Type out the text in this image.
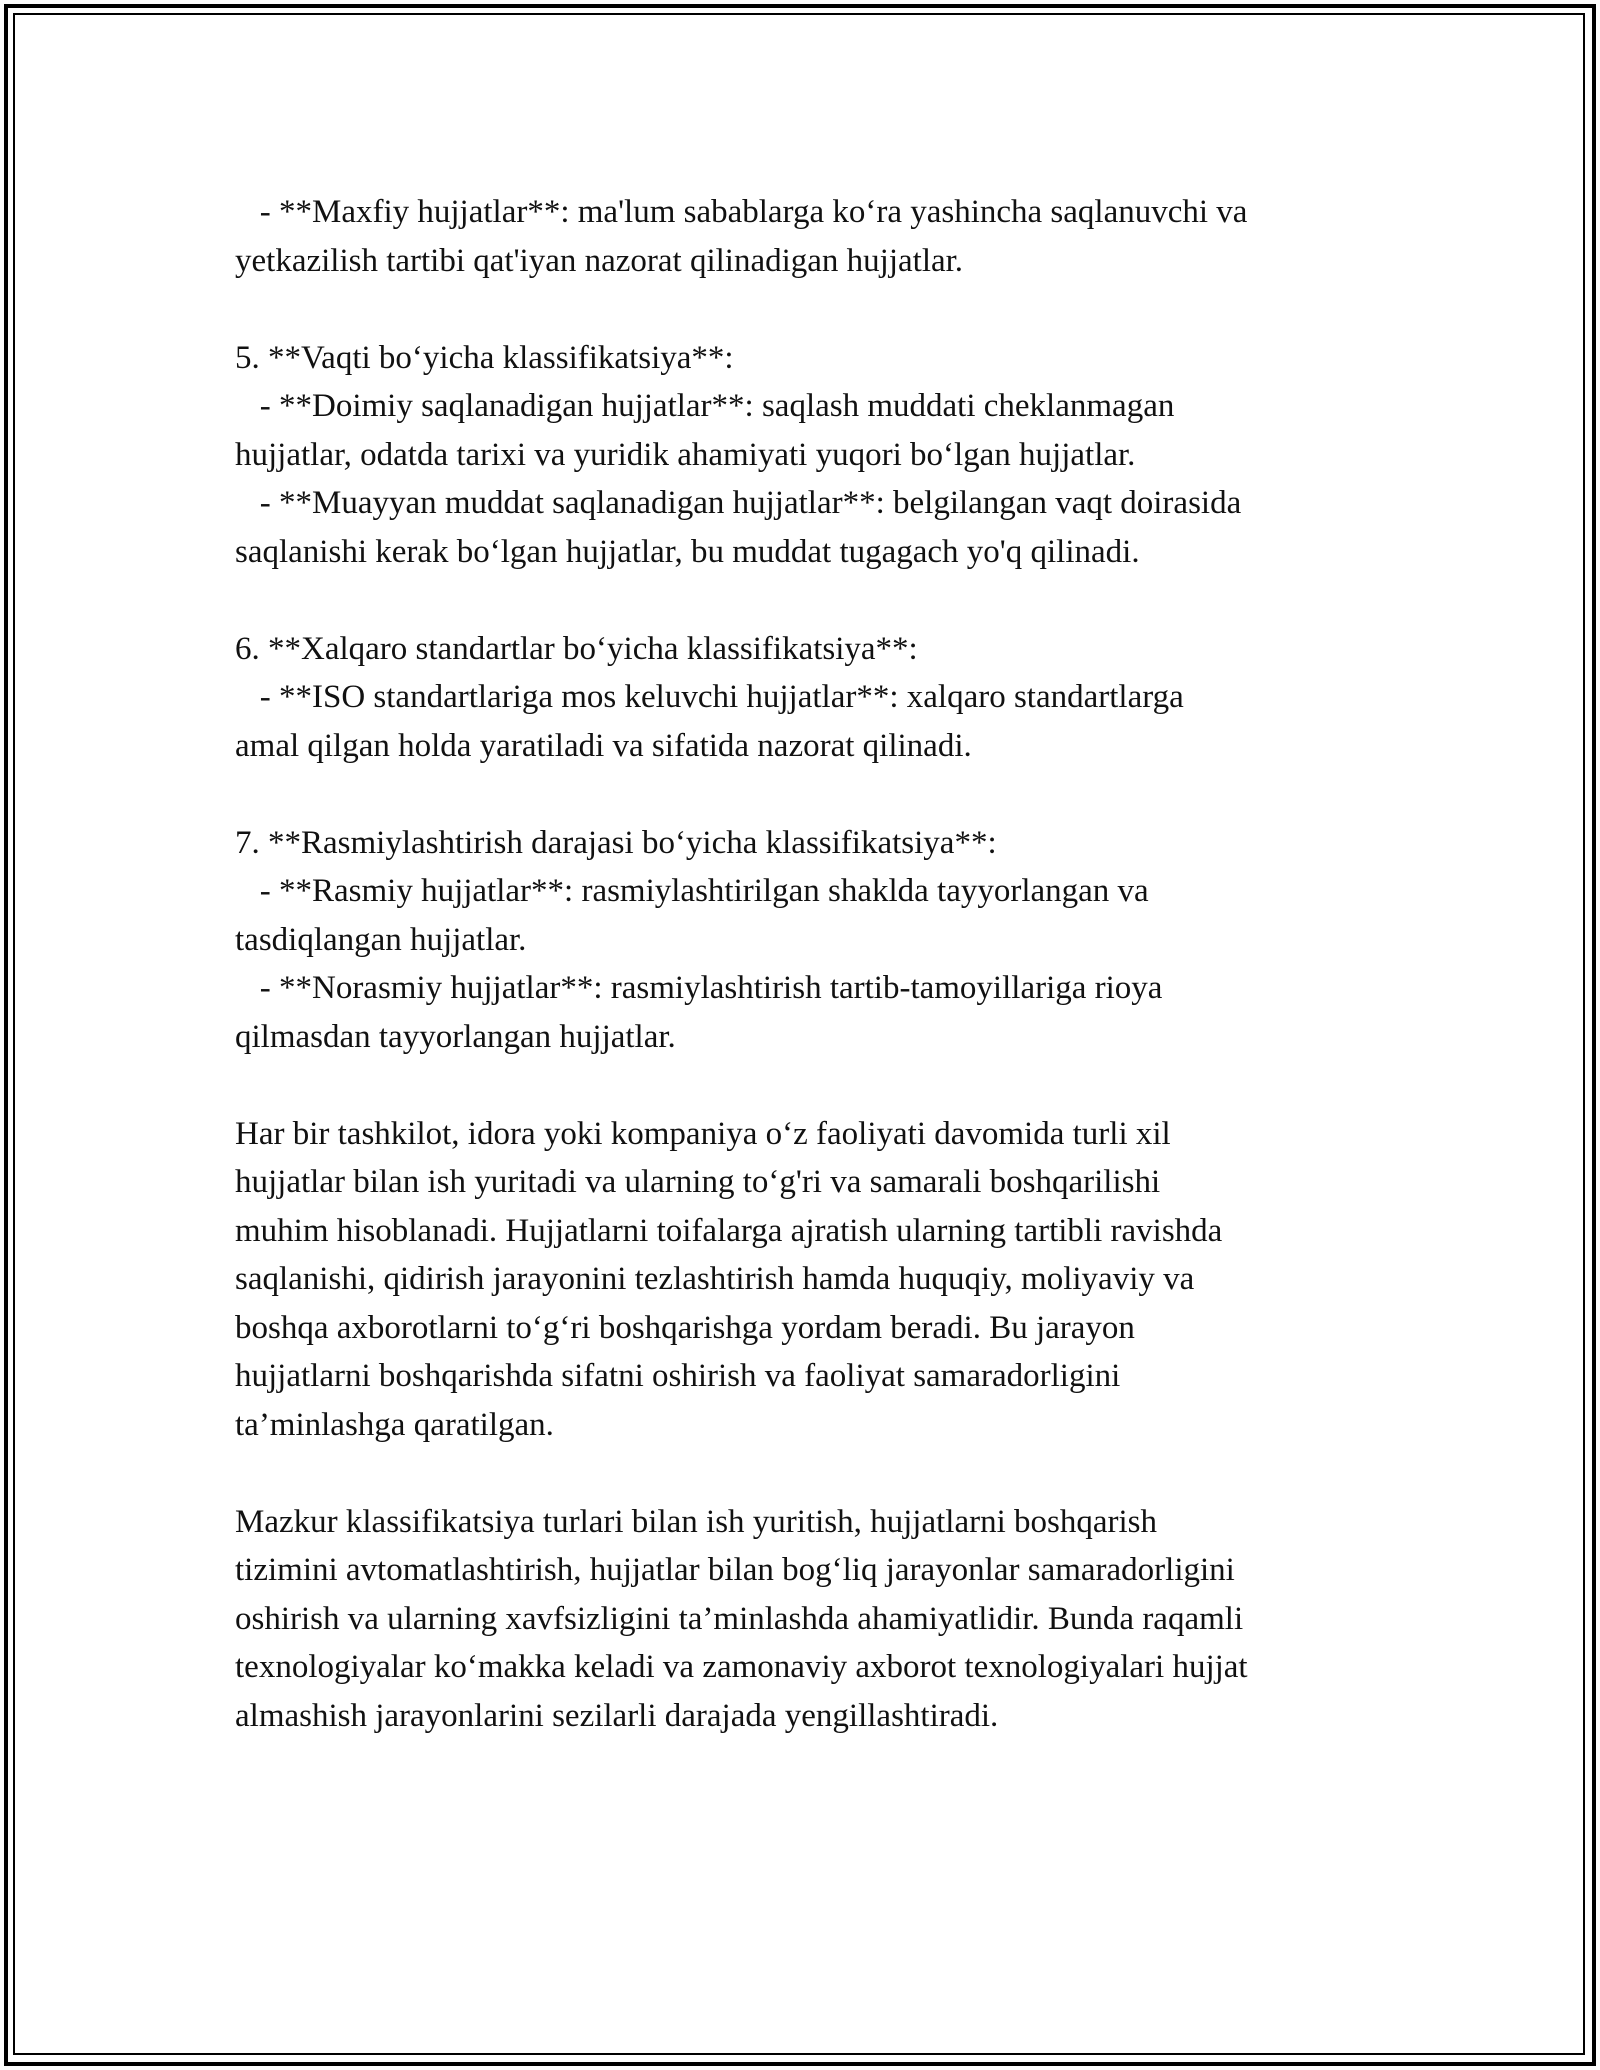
- **Maxfiy hujjatlar**: ma'lum sabablarga ko‘ra yashincha saqlanuvchi va
yetkazilish tartibi qat'iyan nazorat qilinadigan hujjatlar.
5. **Vaqti bo‘yicha klassifikatsiya**:
- **Doimiy saqlanadigan hujjatlar**: saqlash muddati cheklanmagan
hujjatlar, odatda tarixi va yuridik ahamiyati yuqori bo‘lgan hujjatlar.
- **Muayyan muddat saqlanadigan hujjatlar**: belgilangan vaqt doirasida
saqlanishi kerak bo‘lgan hujjatlar, bu muddat tugagach yo'q qilinadi.
6. **Xalqaro standartlar bo‘yicha klassifikatsiya**:
- **ISO standartlariga mos keluvchi hujjatlar**: xalqaro standartlarga
amal qilgan holda yaratiladi va sifatida nazorat qilinadi.
7. **Rasmiylashtirish darajasi bo‘yicha klassifikatsiya**:
- **Rasmiy hujjatlar**: rasmiylashtirilgan shakldа tayyorlangan va
tasdiqlangan hujjatlar.
- **Norasmiy hujjatlar**: rasmiylashtirish tartib-tamoyillariga rioya
qilmasdan tayyorlangan hujjatlar.
Har bir tashkilot, idora yoki kompaniya o‘z faoliyati davomida turli xil
hujjatlar bilan ish yuritadi va ularning to‘g'ri va samarali boshqarilishi
muhim hisoblanadi. Hujjatlarni toifalarga ajratish ularning tartibli ravishda
saqlanishi, qidirish jarayonini tezlashtirish hamda huquqiy, moliyaviy va
boshqa axborotlarni to‘g‘ri boshqarishga yordam beradi. Bu jarayon
hujjatlarni boshqarishda sifatni oshirish va faoliyat samaradorligini
ta’minlashga qaratilgan.
Mazkur klassifikatsiya turlari bilan ish yuritish, hujjatlarni boshqarish
tizimini avtomatlashtirish, hujjatlar bilan bog‘liq jarayonlar samaradorligini
oshirish va ularning xavfsizligini ta’minlashda ahamiyatlidir. Bunda raqamli
texnologiyalar ko‘makka keladi va zamonaviy axborot texnologiyalari hujjat
almashish jarayonlarini sezilarli darajada yengillashtiradi.
